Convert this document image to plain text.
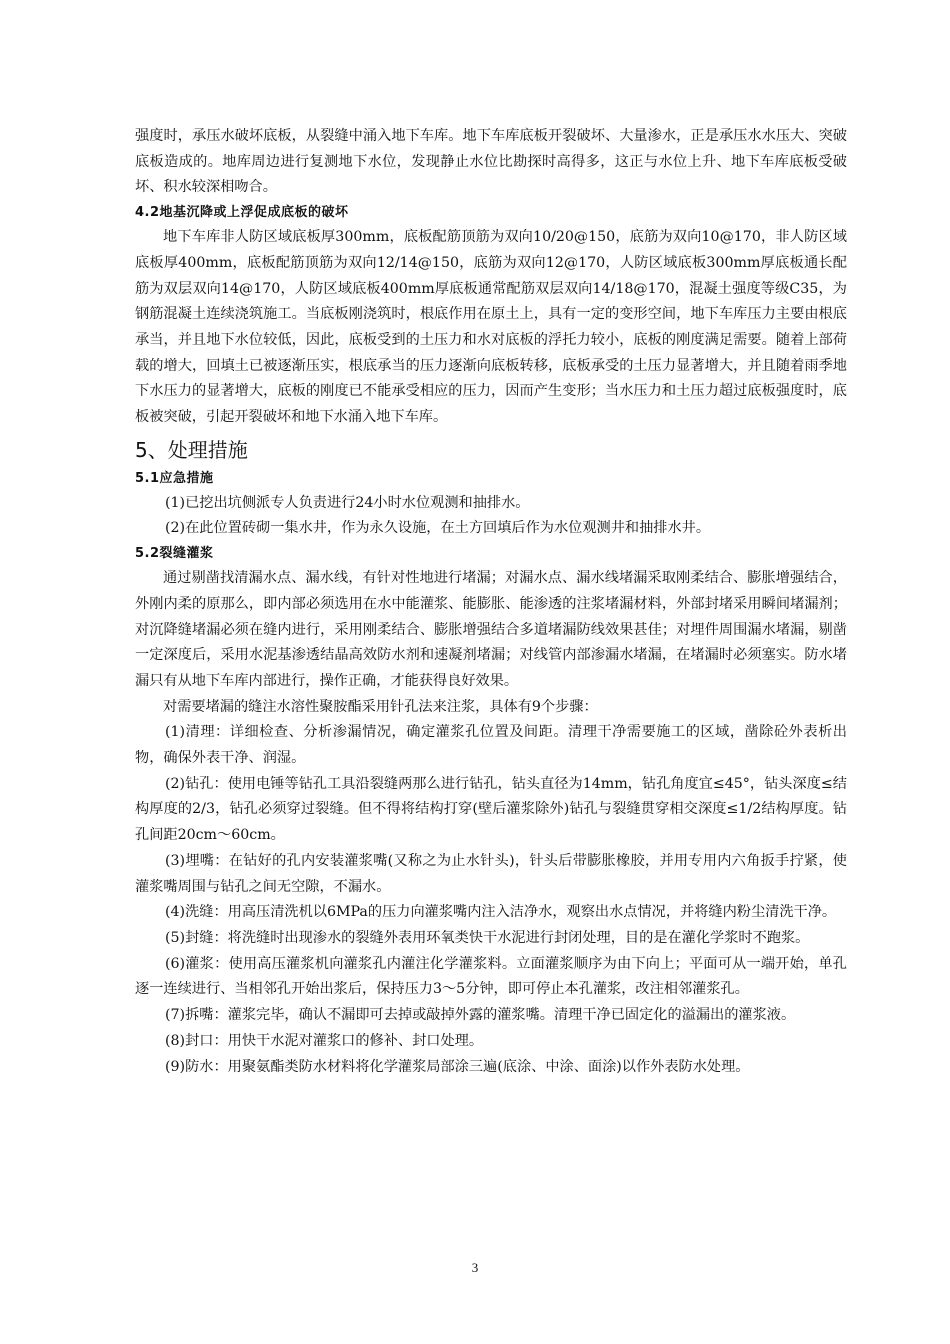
强度时，承压水破坏底板，从裂缝中涌入地下车库。地下车库底板开裂破坏、大量渗水，正是承压水水压大、突破底板造成的。地库周边进行复测地下水位，发现静止水位比勘探时高得多，这正与水位上升、地下车库底板受破坏、积水较深相吻合。

4.2地基沉降或上浮促成底板的破坏

地下车库非人防区域底板厚300mm，底板配筋顶筋为双向10/20@150，底筋为双向10@170，非人防区域底板厚400mm，底板配筋顶筋为双向12/14@150，底筋为双向12@170，人防区域底板300mm厚底板通长配筋为双层双向14@170，人防区域底板400mm厚底板通常配筋双层双向14/18@170，混凝土强度等级C35，为钢筋混凝土连续浇筑施工。当底板刚浇筑时，根底作用在原土上，具有一定的变形空间，地下车库压力主要由根底承当，并且地下水位较低，因此，底板受到的土压力和水对底板的浮托力较小，底板的刚度满足需要。随着上部荷载的增大，回填土已被逐渐压实，根底承当的压力逐渐向底板转移，底板承受的土压力显著增大，并且随着雨季地下水压力的显著增大，底板的刚度已不能承受相应的压力，因而产生变形；当水压力和土压力超过底板强度时，底板被突破，引起开裂破坏和地下水涌入地下车库。

5、处理措施
5.1应急措施

(1)已挖出坑侧派专人负责进行24小时水位观测和抽排水。

(2)在此位置砖砌一集水井，作为永久设施，在土方回填后作为水位观测井和抽排水井。

5.2裂缝灌浆

通过剔凿找清漏水点、漏水线，有针对性地进行堵漏；对漏水点、漏水线堵漏采取刚柔结合、膨胀增强结合，外刚内柔的原那么，即内部必须选用在水中能灌浆、能膨胀、能渗透的注浆堵漏材料，外部封堵采用瞬间堵漏剂；对沉降缝堵漏必须在缝内进行，采用刚柔结合、膨胀增强结合多道堵漏防线效果甚佳；对埋件周围漏水堵漏，剔凿一定深度后，采用水泥基渗透结晶高效防水剂和速凝剂堵漏；对线管内部渗漏水堵漏，在堵漏时必须塞实。防水堵漏只有从地下车库内部进行，操作正确，才能获得良好效果。

对需要堵漏的缝注水溶性聚胺酯采用针孔法来注浆，具体有9个步骤：

(1)清理：详细检查、分析渗漏情况，确定灌浆孔位置及间距。清理干净需要施工的区域，凿除砼外表析出物，确保外表干净、润湿。

(2)钻孔：使用电锤等钻孔工具沿裂缝两那么进行钻孔，钻头直径为14mm，钻孔角度宜≤45°，钻头深度≤结构厚度的2/3，钻孔必须穿过裂缝。但不得将结构打穿(壁后灌浆除外)钻孔与裂缝贯穿相交深度≤1/2结构厚度。钻孔间距20cm～60cm。

(3)埋嘴：在钻好的孔内安装灌浆嘴(又称之为止水针头)，针头后带膨胀橡胶，并用专用内六角扳手拧紧，使灌浆嘴周围与钻孔之间无空隙，不漏水。

(4)洗缝：用高压清洗机以6MPa的压力向灌浆嘴内注入洁净水，观察出水点情况，并将缝内粉尘清洗干净。

(5)封缝：将洗缝时出现渗水的裂缝外表用环氧类快干水泥进行封闭处理，目的是在灌化学浆时不跑浆。

(6)灌浆：使用高压灌浆机向灌浆孔内灌注化学灌浆料。立面灌浆顺序为由下向上；平面可从一端开始，单孔逐一连续进行、当相邻孔开始出浆后，保持压力3～5分钟，即可停止本孔灌浆，改注相邻灌浆孔。

(7)拆嘴：灌浆完毕，确认不漏即可去掉或敲掉外露的灌浆嘴。清理干净已固定化的溢漏出的灌浆液。

(8)封口：用快干水泥对灌浆口的修补、封口处理。

(9)防水：用聚氨酯类防水材料将化学灌浆局部涂三遍(底涂、中涂、面涂)以作外表防水处理。

3
